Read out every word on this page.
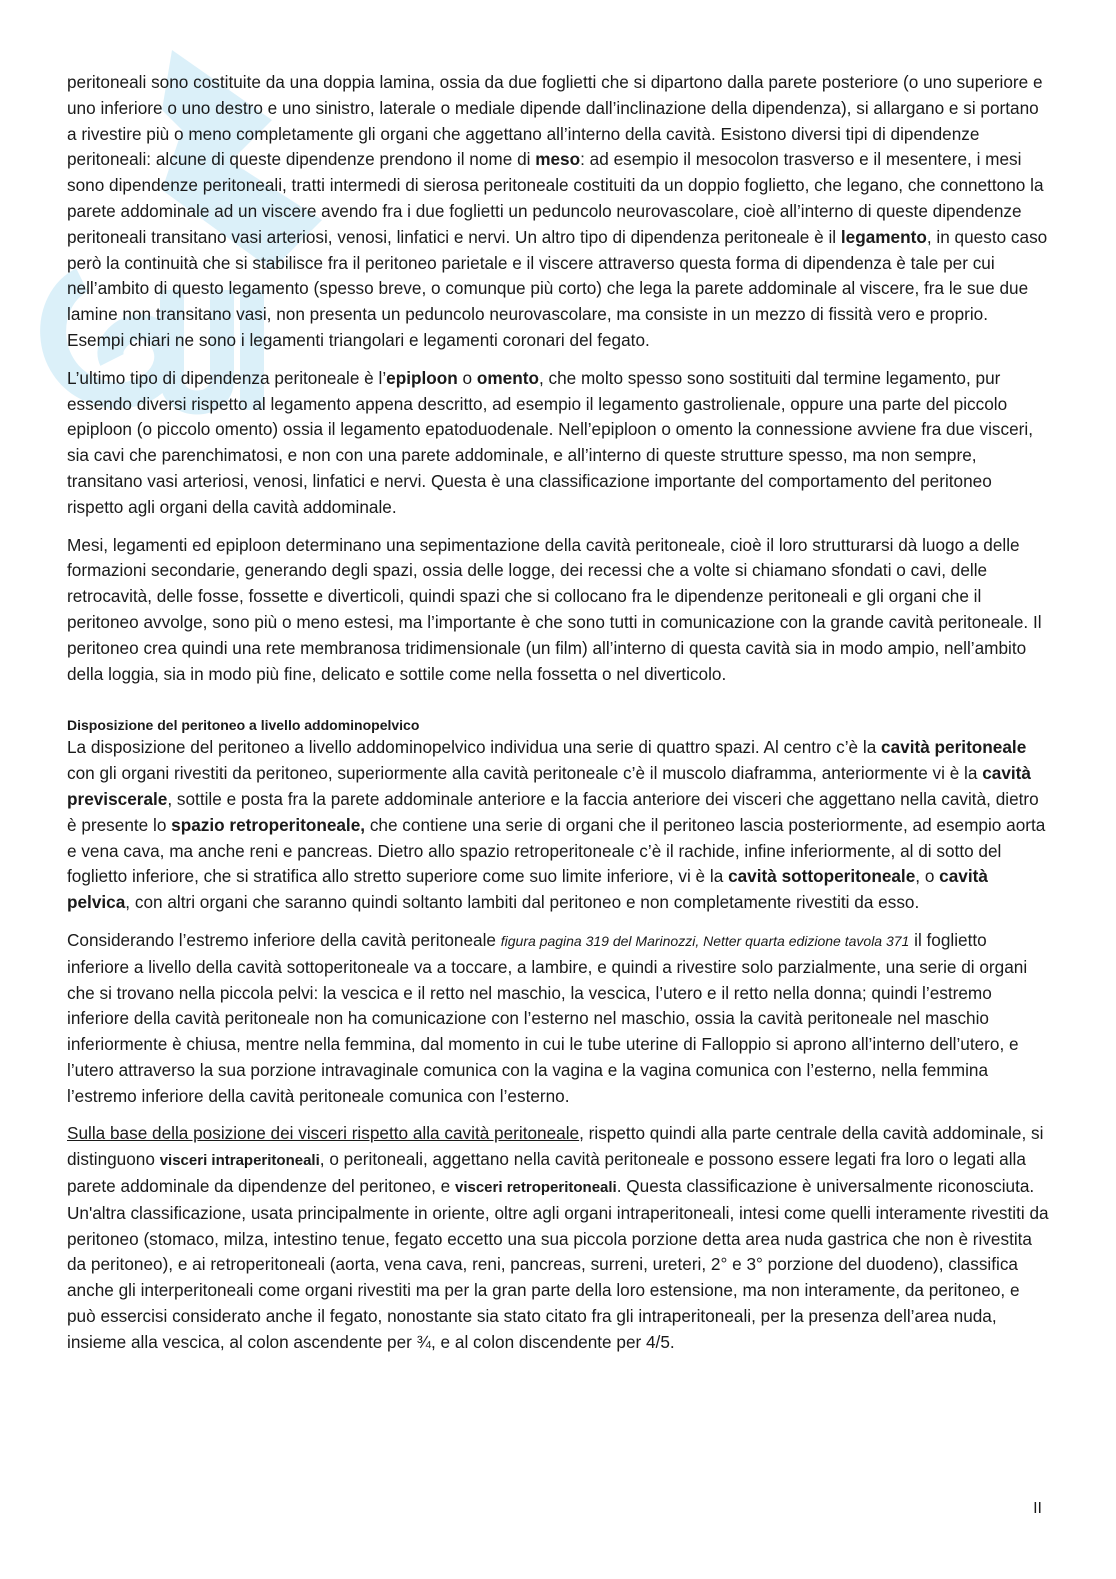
peritoneali sono costituite da una doppia lamina, ossia da due foglietti che si dipartono dalla parete posteriore (o uno superiore e uno inferiore o uno destro e uno sinistro, laterale o mediale dipende dall’inclinazione della dipendenza), si allargano e si portano a rivestire più o meno completamente gli organi che aggettano all’interno della cavità. Esistono diversi tipi di dipendenze peritoneali: alcune di queste dipendenze prendono il nome di meso: ad esempio il mesocolon trasverso e il mesentere, i mesi sono dipendenze peritoneali, tratti intermedi di sierosa peritoneale costituiti da un doppio foglietto, che legano, che connettono la parete addominale ad un viscere avendo fra i due foglietti un peduncolo neurovascolare, cioè all’interno di queste dipendenze peritoneali transitano vasi arteriosi, venosi, linfatici e nervi. Un altro tipo di dipendenza peritoneale è il legamento, in questo caso però la continuità che si stabilisce fra il peritoneo parietale e il viscere attraverso questa forma di dipendenza è tale per cui nell’ambito di questo legamento (spesso breve, o comunque più corto) che lega la parete addominale al viscere, fra le sue due lamine non transitano vasi, non presenta un peduncolo neurovascolare, ma consiste in un mezzo di fissità vero e proprio. Esempi chiari ne sono i legamenti triangolari e legamenti coronari del fegato.

L’ultimo tipo di dipendenza peritoneale è l’epiploon o omento, che molto spesso sono sostituiti dal termine legamento, pur essendo diversi rispetto al legamento appena descritto, ad esempio il legamento gastrolienale, oppure una parte del piccolo epiploon (o piccolo omento) ossia il legamento epatoduodenale. Nell’epiploon o omento la connessione avviene fra due visceri, sia cavi che parenchimatosi, e non con una parete addominale, e all’interno di queste strutture spesso, ma non sempre, transitano vasi arteriosi, venosi, linfatici e nervi. Questa è una classificazione importante del comportamento del peritoneo rispetto agli organi della cavità addominale.

Mesi, legamenti ed epiploon determinano una sepimentazione della cavità peritoneale, cioè il loro strutturarsi dà luogo a delle formazioni secondarie, generando degli spazi, ossia delle logge, dei recessi che a volte si chiamano sfondati o cavi, delle retrocavità, delle fosse, fossette e diverticoli, quindi spazi che si collocano fra le dipendenze peritoneali e gli organi che il peritoneo avvolge, sono più o meno estesi, ma l’importante è che sono tutti in comunicazione con la grande cavità peritoneale. Il peritoneo crea quindi una rete membranosa tridimensionale (un film) all’interno di questa cavità sia in modo ampio, nell’ambito della loggia, sia in modo più fine, delicato e sottile come nella fossetta o nel diverticolo.

Disposizione del peritoneo a livello addominopelvico

La disposizione del peritoneo a livello addominopelvico individua una serie di quattro spazi. Al centro c’è la cavità peritoneale con gli organi rivestiti da peritoneo, superiormente alla cavità peritoneale c’è il muscolo diaframma, anteriormente vi è la cavità previscerale, sottile e posta fra la parete addominale anteriore e la faccia anteriore dei visceri che aggettano nella cavità, dietro è presente lo spazio retroperitoneale, che contiene una serie di organi che il peritoneo lascia posteriormente, ad esempio aorta e vena cava, ma anche reni e pancreas. Dietro allo spazio retroperitoneale c’è il rachide, infine inferiormente, al di sotto del foglietto inferiore, che si stratifica allo stretto superiore come suo limite inferiore, vi è la cavità sottoperitoneale, o cavità pelvica, con altri organi che saranno quindi soltanto lambiti dal peritoneo e non completamente rivestiti da esso.

Considerando l’estremo inferiore della cavità peritoneale figura pagina 319 del Marinozzi, Netter quarta edizione tavola 371 il foglietto inferiore a livello della cavità sottoperitoneale va a toccare, a lambire, e quindi a rivestire solo parzialmente, una serie di organi che si trovano nella piccola pelvi: la vescica e il retto nel maschio, la vescica, l’utero e il retto nella donna; quindi l’estremo inferiore della cavità peritoneale non ha comunicazione con l’esterno nel maschio, ossia la cavità peritoneale nel maschio inferiormente è chiusa, mentre nella femmina, dal momento in cui le tube uterine di Falloppio si aprono all’interno dell’utero, e l’utero attraverso la sua porzione intravaginale comunica con la vagina e la vagina comunica con l’esterno, nella femmina l’estremo inferiore della cavità peritoneale comunica con l’esterno.

Sulla base della posizione dei visceri rispetto alla cavità peritoneale, rispetto quindi alla parte centrale della cavità addominale, si distinguono visceri intraperitoneali, o peritoneali, aggettano nella cavità peritoneale e possono essere legati fra loro o legati alla parete addominale da dipendenze del peritoneo, e visceri retroperitoneali. Questa classificazione è universalmente riconosciuta. Un'altra classificazione, usata principalmente in oriente, oltre agli organi intraperitoneali, intesi come quelli interamente rivestiti da peritoneo (stomaco, milza, intestino tenue, fegato eccetto una sua piccola porzione detta area nuda gastrica che non è rivestita da peritoneo), e ai retroperitoneali (aorta, vena cava, reni, pancreas, surreni, ureteri, 2° e 3° porzione del duodeno), classifica anche gli interperitoneali come organi rivestiti ma per la gran parte della loro estensione, ma non interamente, da peritoneo, e può essercisi considerato anche il fegato, nonostante sia stato citato fra gli intraperitoneali, per la presenza dell’area nuda, insieme alla vescica, al colon ascendente per ¾, e al colon discendente per 4/5.

II
